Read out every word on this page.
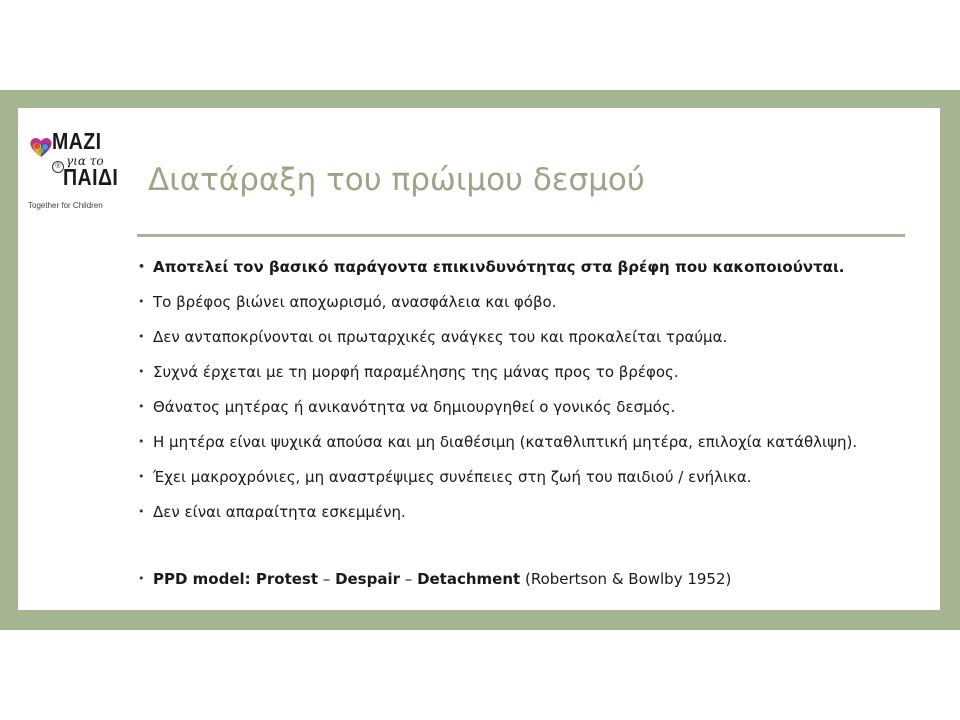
ΜΑΖΙ
για το
® ΠΑΙΔΙ
Together for Children
Διατάραξη του πρώιμου δεσμού
• Αποτελεί τον βασικό παράγοντα επικινδυνότητας στα βρέφη που κακοποιούνται.
• Το βρέφος βιώνει αποχωρισμό, ανασφάλεια και φόβο.
• Δεν ανταποκρίνονται οι πρωταρχικές ανάγκες του και προκαλείται τραύμα.
• Συχνά έρχεται με τη μορφή παραμέλησης της μάνας προς το βρέφος.
• Θάνατος μητέρας ή ανικανότητα να δημιουργηθεί ο γονικός δεσμός.
• Η μητέρα είναι ψυχικά απούσα και μη διαθέσιμη (καταθλιπτική μητέρα, επιλοχία κατάθλιψη).
• Έχει μακροχρόνιες, μη αναστρέψιμες συνέπειες στη ζωή του παιδιού / ενήλικα.
• Δεν είναι απαραίτητα εσκεμμένη.
• PPD model: Protest – Despair – Detachment (Robertson & Bowlby 1952)
